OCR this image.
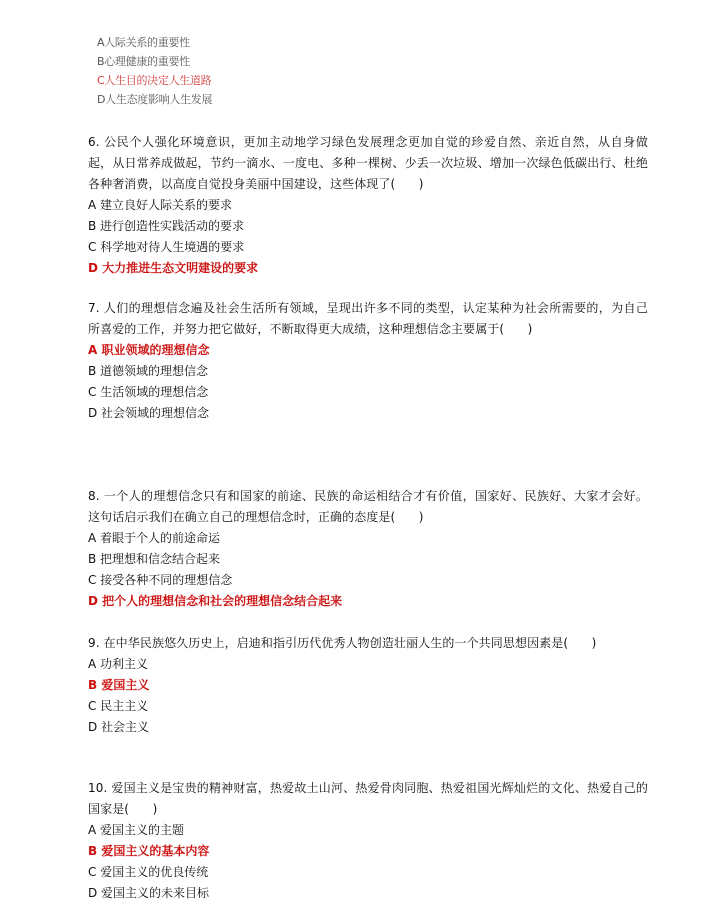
A人际关系的重要性
B心理健康的重要性
C人生目的决定人生道路
D人生态度影响人生发展
6. 公民个人强化环境意识，更加主动地学习绿色发展理念更加自觉的珍爱自然、亲近自然，从自身做起，从日常养成做起，节约一滴水、一度电、多种一棵树、少丢一次垃圾、增加一次绿色低碳出行、杜绝各种奢消费，以高度自觉投身美丽中国建设，这些体现了(      )
A 建立良好人际关系的要求
B 进行创造性实践活动的要求
C 科学地对待人生境遇的要求
D 大力推进生态文明建设的要求
7. 人们的理想信念遍及社会生活所有领域，呈现出许多不同的类型，认定某种为社会所需要的，为自己所喜爱的工作，并努力把它做好，不断取得更大成绩，这种理想信念主要属于(      )
A 职业领域的理想信念
B 道德领域的理想信念
C 生活领域的理想信念
D 社会领域的理想信念
8. 一个人的理想信念只有和国家的前途、民族的命运相结合才有价值，国家好、民族好、大家才会好。这句话启示我们在确立自己的理想信念时，正确的态度是(      )
A 着眼于个人的前途命运
B 把理想和信念结合起来
C 接受各种不同的理想信念
D 把个人的理想信念和社会的理想信念结合起来
9. 在中华民族悠久历史上，启迪和指引历代优秀人物创造壮丽人生的一个共同思想因素是(      )
A 功利主义
B 爱国主义
C 民主主义
D 社会主义
10. 爱国主义是宝贵的精神财富，热爱故土山河、热爱骨肉同胞、热爱祖国光辉灿烂的文化、热爱自己的国家是(      )
A 爱国主义的主题
B 爱国主义的基本内容
C 爱国主义的优良传统
D 爱国主义的未来目标
